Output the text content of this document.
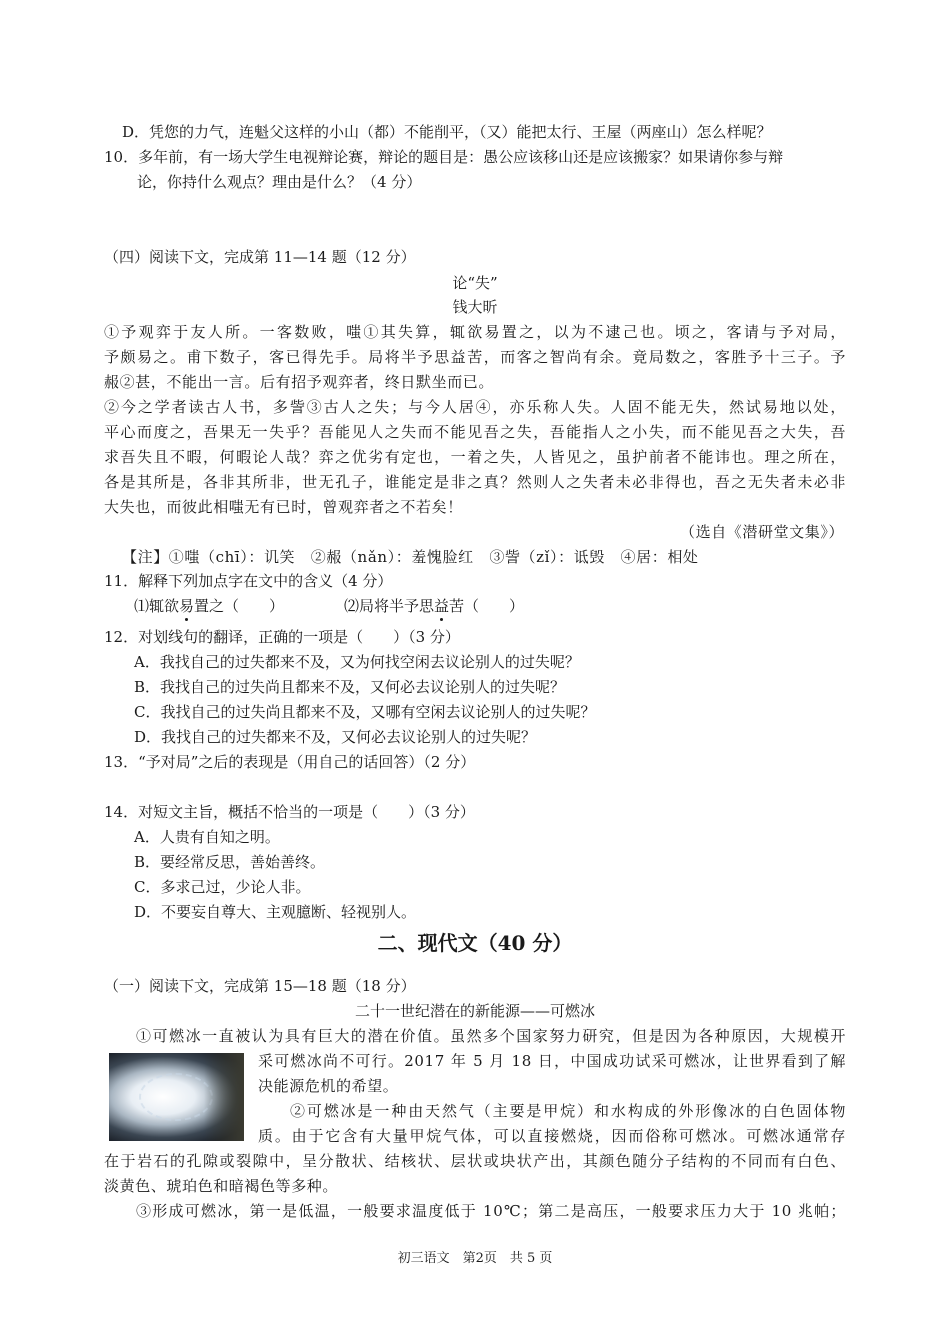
D．凭您的力气，连魁父这样的小山（都）不能削平，（又）能把太行、王屋（两座山）怎么样呢？
10．多年前，有一场大学生电视辩论赛，辩论的题目是：愚公应该移山还是应该搬家？如果请你参与辩
论，你持什么观点？理由是什么？（4 分）
（四）阅读下文，完成第 11—14 题（12 分）
论“失”
钱大昕
①予观弈于友人所。一客数败，嗤①其失算，辄欲易置之，以为不逮己也。顷之，客请与予对局，
予颇易之。甫下数子，客已得先手。局将半予思益苦，而客之智尚有余。竟局数之，客胜予十三子。予
赧②甚，不能出一言。后有招予观弈者，终日默坐而已。
②今之学者读古人书，多訾③古人之失；与今人居④，亦乐称人失。人固不能无失，然试易地以处，
平心而度之，吾果无一失乎？吾能见人之失而不能见吾之失，吾能指人之小失，而不能见吾之大失，吾
求吾失且不暇，何暇论人哉？弈之优劣有定也，一着之失，人皆见之，虽护前者不能讳也。理之所在，
各是其所是，各非其所非，世无孔子，谁能定是非之真？然则人之失者未必非得也，吾之无失者未必非
大失也，而彼此相嗤无有已时，曾观弈者之不若矣！
（选自《潜研堂文集》）
【注】①嗤（chī）：讥笑　②赧（nǎn）：羞愧脸红　③訾（zǐ）：诋毁　④居：相处
11．解释下列加点字在文中的含义（4 分）
⑴辄欲易置之（　　）	⑵局将半予思益苦（　　）
12．对划线句的翻译，正确的一项是（　　）（3 分）
A．我找自己的过失都来不及，又为何找空闲去议论别人的过失呢？
B．我找自己的过失尚且都来不及，又何必去议论别人的过失呢？
C．我找自己的过失尚且都来不及，又哪有空闲去议论别人的过失呢？
D．我找自己的过失都来不及，又何必去议论别人的过失呢？
13．“予对局”之后的表现是（用自己的话回答）（2 分）
14．对短文主旨，概括不恰当的一项是（　　）（3 分）
A．人贵有自知之明。
B．要经常反思，善始善终。
C．多求己过，少论人非。
D．不要妄自尊大、主观臆断、轻视别人。
二、现代文（40 分）
（一）阅读下文，完成第 15—18 题（18 分）
二十一世纪潜在的新能源——可燃冰
①可燃冰一直被认为具有巨大的潜在价值。虽然多个国家努力研究，但是因为各种原因，大规模开
采可燃冰尚不可行。2017 年 5 月 18 日，中国成功试采可燃冰，让世界看到了解
决能源危机的希望。
②可燃冰是一种由天然气（主要是甲烷）和水构成的外形像冰的白色固体物
质。由于它含有大量甲烷气体，可以直接燃烧，因而俗称可燃冰。可燃冰通常存
在于岩石的孔隙或裂隙中，呈分散状、结核状、层状或块状产出，其颜色随分子结构的不同而有白色、
淡黄色、琥珀色和暗褐色等多种。
③形成可燃冰，第一是低温，一般要求温度低于 10℃；第二是高压，一般要求压力大于 10 兆帕；
初三语文　第2页　共 5 页
